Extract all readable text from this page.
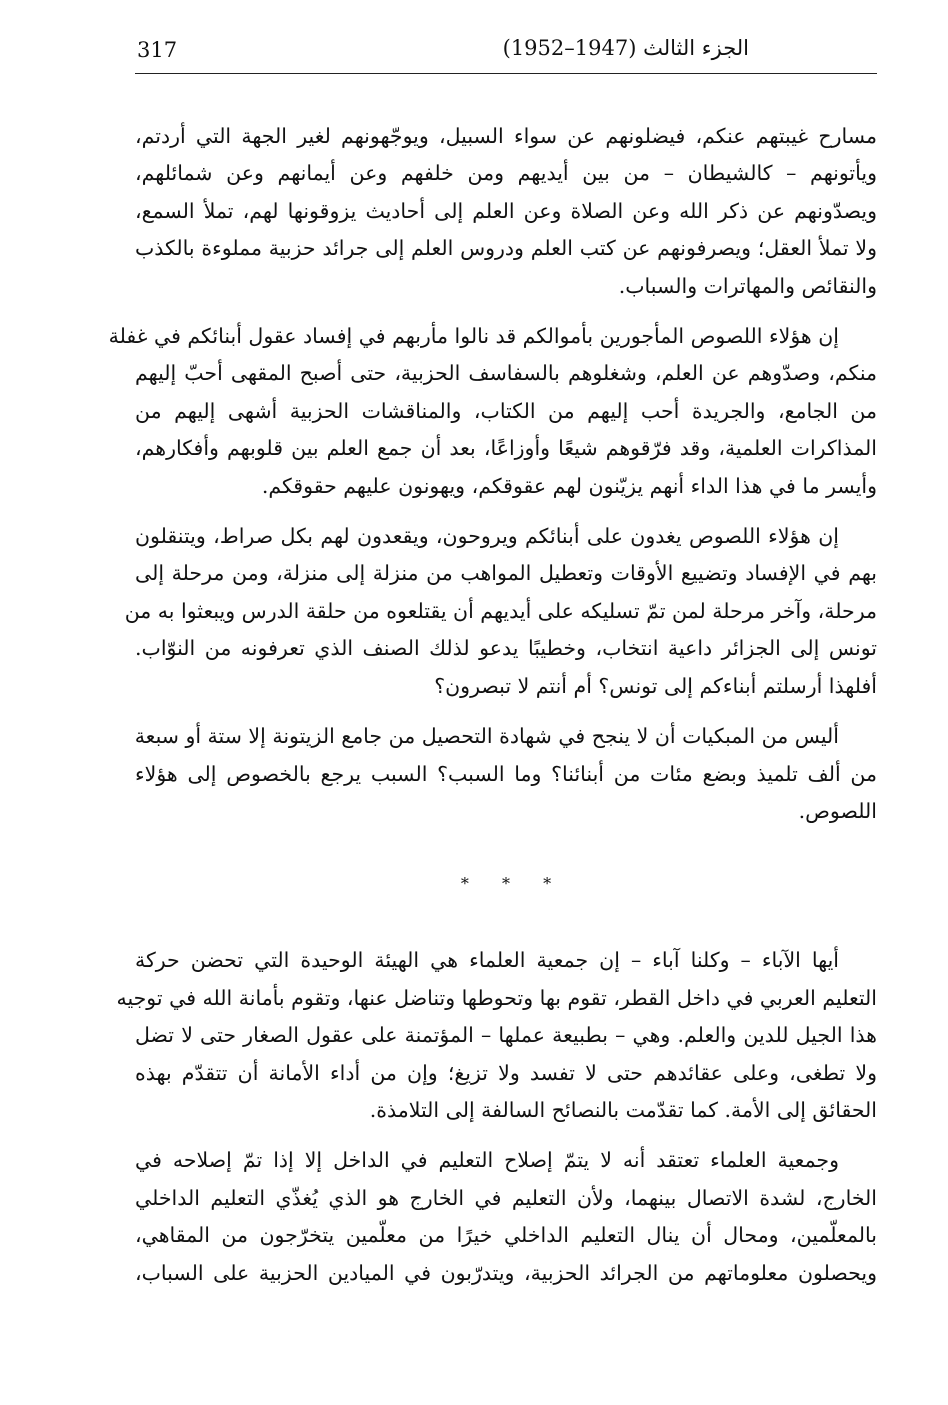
317	الجزء الثالث (1947–1952)

مسارح غيبتهم عنكم، فيضلونهم عن سواء السبيل، ويوجّهونهم لغير الجهة التي أردتم،
ويأتونهم – كالشيطان – من بين أيديهم ومن خلفهم وعن أيمانهم وعن شمائلهم،
ويصدّونهم عن ذكر الله وعن الصلاة وعن العلم إلى أحاديث يزوقونها لهم، تملأ السمع،
ولا تملأ العقل؛ ويصرفونهم عن كتب العلم ودروس العلم إلى جرائد حزبية مملوءة بالكذب
والنقائص والمهاترات والسباب.

إن هؤلاء اللصوص المأجورين بأموالكم قد نالوا مأربهم في إفساد عقول أبنائكم في غفلة
منكم، وصدّوهم عن العلم، وشغلوهم بالسفاسف الحزبية، حتى أصبح المقهى أحبّ إليهم
من الجامع، والجريدة أحب إليهم من الكتاب، والمناقشات الحزبية أشهى إليهم من
المذاكرات العلمية، وقد فرّقوهم شيعًا وأوزاعًا، بعد أن جمع العلم بين قلوبهم وأفكارهم،
وأيسر ما في هذا الداء أنهم يزيّنون لهم عقوقكم، ويهونون عليهم حقوقكم.

إن هؤلاء اللصوص يغدون على أبنائكم ويروحون، ويقعدون لهم بكل صراط، ويتنقلون
بهم في الإفساد وتضييع الأوقات وتعطيل المواهب من منزلة إلى منزلة، ومن مرحلة إلى
مرحلة، وآخر مرحلة لمن تمّ تسليكه على أيديهم أن يقتلعوه من حلقة الدرس ويبعثوا به من
تونس إلى الجزائر داعية انتخاب، وخطيبًا يدعو لذلك الصنف الذي تعرفونه من النوّاب.
أفلهذا أرسلتم أبناءكم إلى تونس؟ أم أنتم لا تبصرون؟

أليس من المبكيات أن لا ينجح في شهادة التحصيل من جامع الزيتونة إلا ستة أو سبعة
من ألف تلميذ وبضع مئات من أبنائنا؟ وما السبب؟ السبب يرجع بالخصوص إلى هؤلاء
اللصوص.

* * *

أيها الآباء – وكلنا آباء – إن جمعية العلماء هي الهيئة الوحيدة التي تحضن حركة
التعليم العربي في داخل القطر، تقوم بها وتحوطها وتناضل عنها، وتقوم بأمانة الله في توجيه
هذا الجيل للدين والعلم. وهي – بطبيعة عملها – المؤتمنة على عقول الصغار حتى لا تضل
ولا تطغى، وعلى عقائدهم حتى لا تفسد ولا تزيغ؛ وإن من أداء الأمانة أن تتقدّم بهذه
الحقائق إلى الأمة. كما تقدّمت بالنصائح السالفة إلى التلامذة.

وجمعية العلماء تعتقد أنه لا يتمّ إصلاح التعليم في الداخل إلا إذا تمّ إصلاحه في
الخارج، لشدة الاتصال بينهما، ولأن التعليم في الخارج هو الذي يُغذّي التعليم الداخلي
بالمعلّمين، ومحال أن ينال التعليم الداخلي خيرًا من معلّمين يتخرّجون من المقاهي،
ويحصلون معلوماتهم من الجرائد الحزبية، ويتدرّبون في الميادين الحزبية على السباب،
